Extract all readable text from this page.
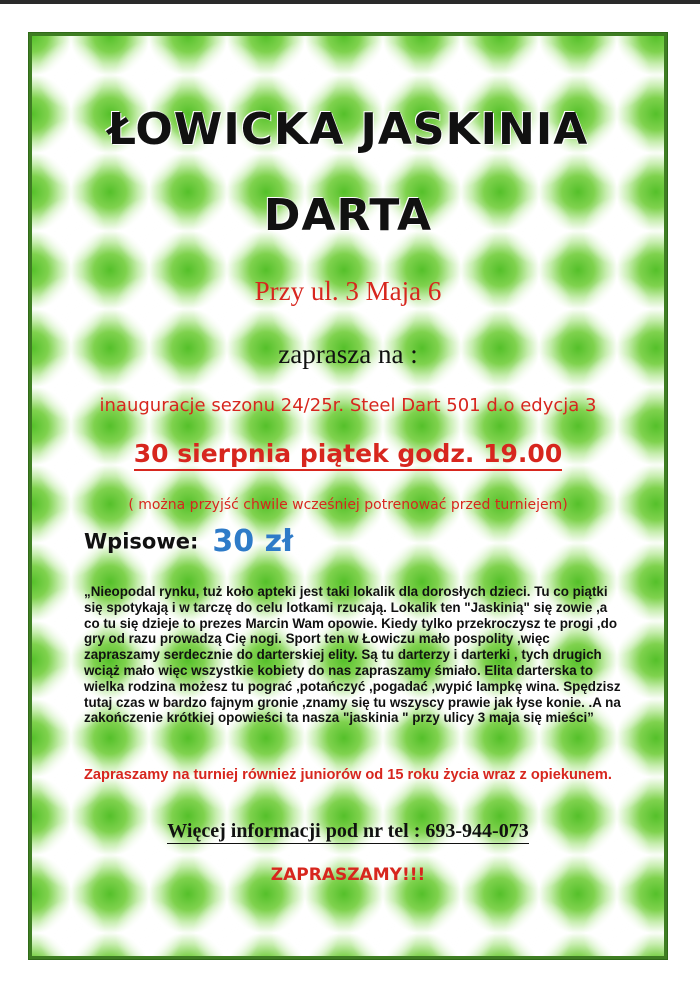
ŁOWICKA JASKINIA
DARTA
Przy ul. 3 Maja 6
zaprasza na :
inauguracje sezonu 24/25r. Steel Dart 501 d.o edycja 3
30 sierpnia piątek godz. 19.00
( można przyjść chwile wcześniej potrenować przed turniejem)
Wpisowe: 30 zł

„Nieopodal rynku, tuż koło apteki jest taki lokalik dla dorosłych dzieci. Tu co piątki się spotykają i w tarczę do celu lotkami rzucają. Lokalik ten "Jaskinią" się zowie ,a co tu się dzieje to prezes Marcin Wam opowie. Kiedy tylko przekroczysz te progi ,do gry od razu prowadzą Cię nogi. Sport ten w Łowiczu mało pospolity ,więc zapraszamy serdecznie do darterskiej elity. Są tu darterzy i darterki , tych drugich wciąż mało więc wszystkie kobiety do nas zapraszamy śmiało. Elita darterska to wielka rodzina możesz tu pograć ,potańczyć ,pogadać ,wypić lampkę wina. Spędzisz tutaj czas w bardzo fajnym gronie ,znamy się tu wszyscy prawie jak łyse konie. .A na zakończenie krótkiej opowieści ta nasza "jaskinia " przy ulicy 3 maja się mieści”

Zapraszamy na turniej również juniorów od 15 roku życia wraz z opiekunem.

Więcej informacji pod nr tel : 693-944-073
ZAPRASZAMY!!!
